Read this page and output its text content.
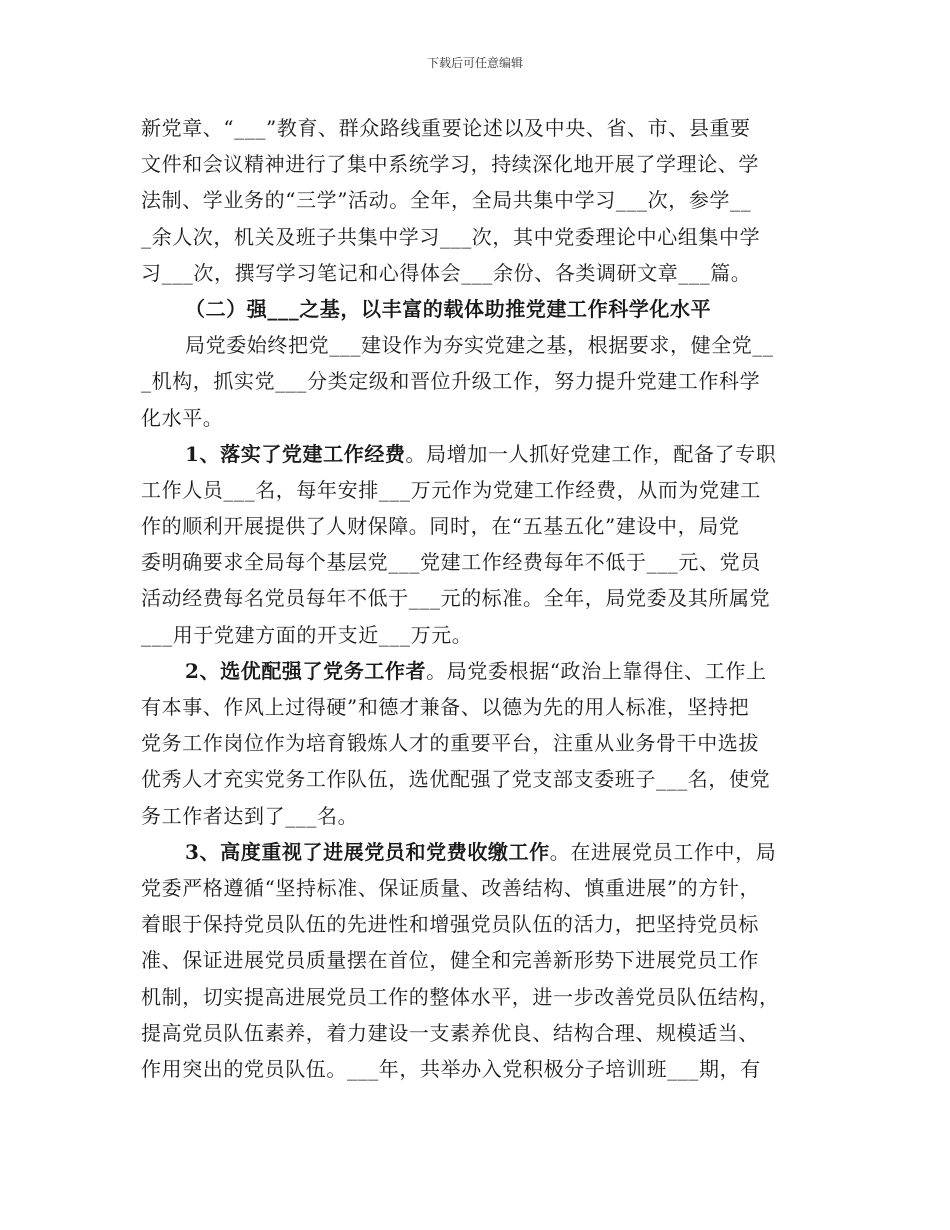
下载后可任意编辑
新党章、“___”教育、群众路线重要论述以及中央、省、市、县重要
文件和会议精神进行了集中系统学习，持续深化地开展了学理论、学
法制、学业务的“三学”活动。全年，全局共集中学习___次，参学__
_余人次，机关及班子共集中学习___次，其中党委理论中心组集中学
习___次，撰写学习笔记和心得体会___余份、各类调研文章___篇。
（二）强___之基，以丰富的载体助推党建工作科学化水平
局党委始终把党___建设作为夯实党建之基，根据要求，健全党__
_机构，抓实党___分类定级和晋位升级工作，努力提升党建工作科学
化水平。
1、落实了党建工作经费。局增加一人抓好党建工作，配备了专职
工作人员___名，每年安排___万元作为党建工作经费，从而为党建工
作的顺利开展提供了人财保障。同时，在“五基五化”建设中，局党
委明确要求全局每个基层党___党建工作经费每年不低于___元、党员
活动经费每名党员每年不低于___元的标准。全年，局党委及其所属党
___用于党建方面的开支近___万元。
2、选优配强了党务工作者。局党委根据“政治上靠得住、工作上
有本事、作风上过得硬”和德才兼备、以德为先的用人标准，坚持把
党务工作岗位作为培育锻炼人才的重要平台，注重从业务骨干中选拔
优秀人才充实党务工作队伍，选优配强了党支部支委班子___名，使党
务工作者达到了___名。
3、高度重视了进展党员和党费收缴工作。在进展党员工作中，局
党委严格遵循“坚持标准、保证质量、改善结构、慎重进展”的方针，
着眼于保持党员队伍的先进性和增强党员队伍的活力，把坚持党员标
准、保证进展党员质量摆在首位，健全和完善新形势下进展党员工作
机制，切实提高进展党员工作的整体水平，进一步改善党员队伍结构，
提高党员队伍素养，着力建设一支素养优良、结构合理、规模适当、
作用突出的党员队伍。___年，共举办入党积极分子培训班___期，有
